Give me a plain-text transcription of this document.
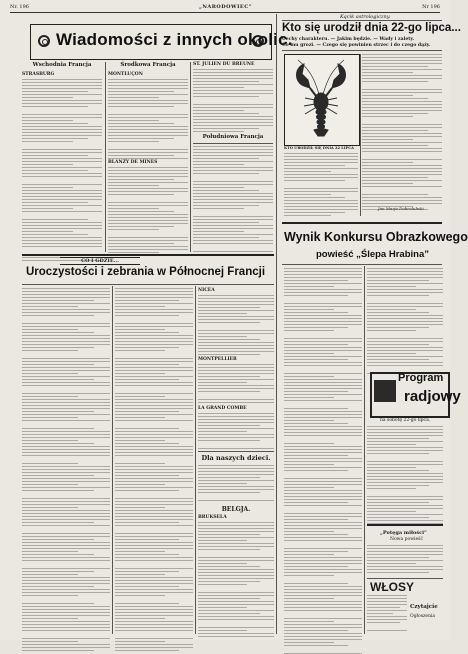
Nr. 196	„NARODOWIEC”	Nr 196
Wiadomości z innych okolic.
Wschodnia Francja
STRASBURG
Środkowa Francja
MONTLUÇON
BLANZY DE MINES
ST. JULIEN DU BREUNE
Południowa Francja
CO I GDZIE...
Uroczystości i zebrania w Północnej Francji
NICEA
MONTPELLIER
LA GRAND COMBE
Dla naszych dzieci.
BELGJA.
BRUKSELA
Kącik astrologiczny.
Kto się urodził dnia 22-go lipca...
Cechy charakteru. — Jakim będzie. — Wady i zalety.
Co mu grozi. — Czego się powinien strzec i do czego dąży.
KTO URODZIŁ SIĘ DNIA 22 LIPCA
Jan Marja Dobrolubski
Wynik Konkursu Obrazkowego
powieść „Ślepa Hrabina”
Program
radjowy
na sobotę 22-go lipca.
„Potęga miłości”
Nowa powieść
WŁOSY
Czytajcie
Ogłoszenia
